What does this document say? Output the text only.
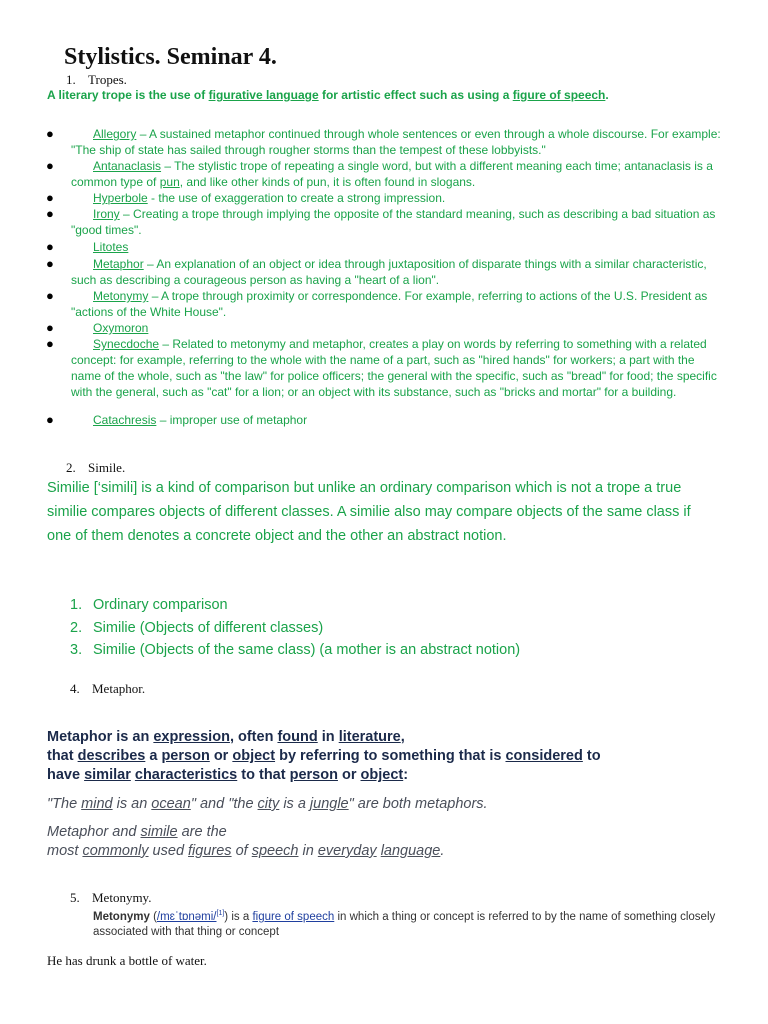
Stylistics. Seminar 4.
1. Tropes.
A literary trope is the use of figurative language for artistic effect such as using a figure of speech.
●	Allegory – A sustained metaphor continued through whole sentences or even through a whole discourse. For example: "The ship of state has sailed through rougher storms than the tempest of these lobbyists."
●	Antanaclasis – The stylistic trope of repeating a single word, but with a different meaning each time; antanaclasis is a common type of pun, and like other kinds of pun, it is often found in slogans.
●	Hyperbole - the use of exaggeration to create a strong impression.
●	Irony – Creating a trope through implying the opposite of the standard meaning, such as describing a bad situation as "good times".
●	Litotes
●	Metaphor – An explanation of an object or idea through juxtaposition of disparate things with a similar characteristic, such as describing a courageous person as having a "heart of a lion".
●	Metonymy – A trope through proximity or correspondence. For example, referring to actions of the U.S. President as "actions of the White House".
●	Oxymoron
●	Synecdoche – Related to metonymy and metaphor, creates a play on words by referring to something with a related concept: for example, referring to the whole with the name of a part, such as "hired hands" for workers; a part with the name of the whole, such as "the law" for police officers; the general with the specific, such as "bread" for food; the specific with the general, such as "cat" for a lion; or an object with its substance, such as "bricks and mortar" for a building.
●	Catachresis – improper use of metaphor
2. Simile.
Similie [‘simili] is a kind of comparison but unlike an ordinary comparison which is not a trope a true similie compares objects of different classes. A similie also may compare objects of the same class if one of them denotes a concrete object and the other an abstract notion.
1. Ordinary comparison
2. Similie (Objects of different classes)
3. Similie (Objects of the same class) (a mother is an abstract notion)
4. Metaphor.
Metaphor is an expression, often found in literature,
that describes a person or object by referring to something that is considered to
have similar characteristics to that person or object:
"The mind is an ocean" and "the city is a jungle" are both metaphors.
Metaphor and simile are the
most commonly used figures of speech in everyday language.
5. Metonymy.
Metonymy (/mɛˈtɒnəmi/[1]) is a figure of speech in which a thing or concept is referred to by the name of something closely associated with that thing or concept
He has drunk a bottle of water.
